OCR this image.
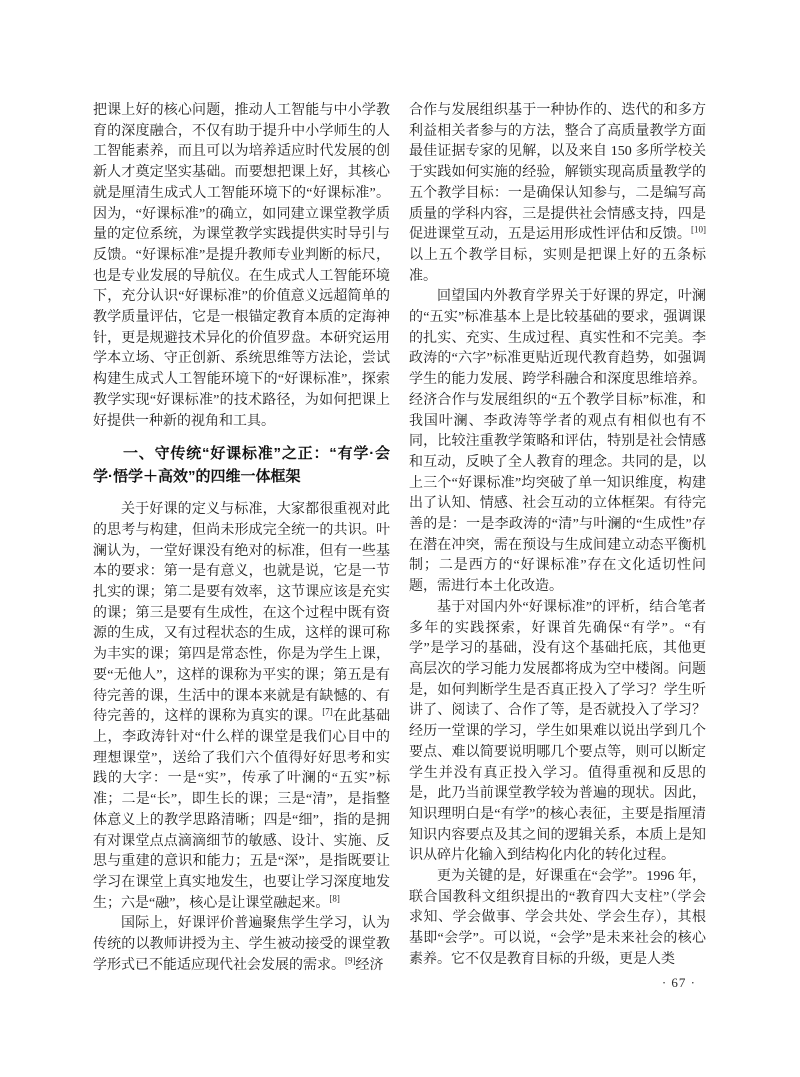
把课上好的核心问题，推动人工智能与中小学教育的深度融合，不仅有助于提升中小学师生的人工智能素养，而且可以为培养适应时代发展的创新人才奠定坚实基础。而要想把课上好，其核心就是厘清生成式人工智能环境下的“好课标准”。因为，“好课标准”的确立，如同建立课堂教学质量的定位系统，为课堂教学实践提供实时导引与反馈。“好课标准”是提升教师专业判断的标尺，也是专业发展的导航仪。在生成式人工智能环境下，充分认识“好课标准”的价值意义远超简单的教学质量评估，它是一根锚定教育本质的定海神针，更是规避技术异化的价值罗盘。本研究运用学本立场、守正创新、系统思维等方法论，尝试构建生成式人工智能环境下的“好课标准”，探索教学实现“好课标准”的技术路径，为如何把课上好提供一种新的视角和工具。

一、守传统“好课标准”之正：“有学·会学·悟学＋高效”的四维一体框架

关于好课的定义与标准，大家都很重视对此的思考与构建，但尚未形成完全统一的共识。叶澜认为，一堂好课没有绝对的标准，但有一些基本的要求：第一是有意义，也就是说，它是一节扎实的课；第二是要有效率，这节课应该是充实的课；第三是要有生成性，在这个过程中既有资源的生成，又有过程状态的生成，这样的课可称为丰实的课；第四是常态性，你是为学生上课，要“无他人”，这样的课称为平实的课；第五是有待完善的课，生活中的课本来就是有缺憾的、有待完善的，这样的课称为真实的课。[7]在此基础上，李政涛针对“什么样的课堂是我们心目中的理想课堂”，送给了我们六个值得好好思考和实践的大字：一是“实”，传承了叶澜的“五实”标准；二是“长”，即生长的课；三是“清”，是指整体意义上的教学思路清晰；四是“细”，指的是拥有对课堂点点滴滴细节的敏感、设计、实施、反思与重建的意识和能力；五是“深”，是指既要让学习在课堂上真实地发生，也要让学习深度地发生；六是“融”，核心是让课堂融起来。[8]

国际上，好课评价普遍聚焦学生学习，认为传统的以教师讲授为主、学生被动接受的课堂教学形式已不能适应现代社会发展的需求。[9]经济

合作与发展组织基于一种协作的、迭代的和多方利益相关者参与的方法，整合了高质量教学方面最佳证据专家的见解，以及来自 150 多所学校关于实践如何实施的经验，解锁实现高质量教学的五个教学目标：一是确保认知参与，二是编写高质量的学科内容，三是提供社会情感支持，四是促进课堂互动，五是运用形成性评估和反馈。[10]以上五个教学目标，实则是把课上好的五条标准。

回望国内外教育学界关于好课的界定，叶澜的“五实”标准基本上是比较基础的要求，强调课的扎实、充实、生成过程、真实性和不完美。李政涛的“六字”标准更贴近现代教育趋势，如强调学生的能力发展、跨学科融合和深度思维培养。经济合作与发展组织的“五个教学目标”标准，和我国叶澜、李政涛等学者的观点有相似也有不同，比较注重教学策略和评估，特别是社会情感和互动，反映了全人教育的理念。共同的是，以上三个“好课标准”均突破了单一知识维度，构建出了认知、情感、社会互动的立体框架。有待完善的是：一是李政涛的“清”与叶澜的“生成性”存在潜在冲突，需在预设与生成间建立动态平衡机制；二是西方的“好课标准”存在文化适切性问题，需进行本土化改造。

基于对国内外“好课标准”的评析，结合笔者多年的实践探索，好课首先确保“有学”。“有学”是学习的基础，没有这个基础托底，其他更高层次的学习能力发展都将成为空中楼阁。问题是，如何判断学生是否真正投入了学习？学生听讲了、阅读了、合作了等，是否就投入了学习？经历一堂课的学习，学生如果难以说出学到几个要点、难以简要说明哪几个要点等，则可以断定学生并没有真正投入学习。值得重视和反思的是，此乃当前课堂教学较为普遍的现状。因此，知识理明白是“有学”的核心表征，主要是指厘清知识内容要点及其之间的逻辑关系，本质上是知识从碎片化输入到结构化内化的转化过程。

更为关键的是，好课重在“会学”。1996 年，联合国教科文组织提出的“教育四大支柱”（学会求知、学会做事、学会共处、学会生存），其根基即“会学”。可以说，“会学”是未来社会的核心素养。它不仅是教育目标的升级，更是人类

· 67 ·
